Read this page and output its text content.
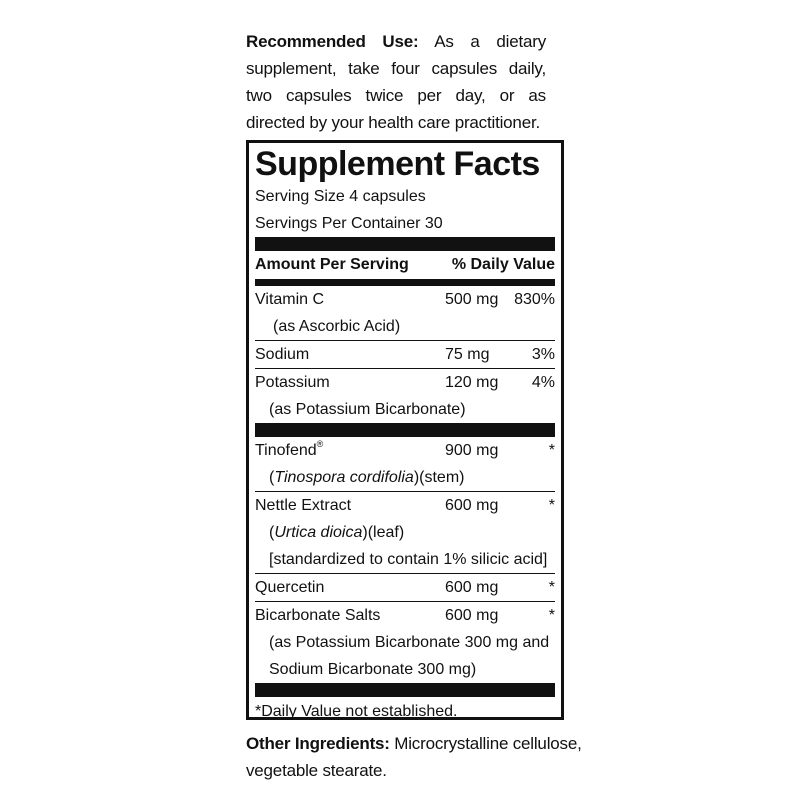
Recommended Use: As a dietary supplement, take four capsules daily, two capsules twice per day, or as directed by your health care practitioner.
Supplement Facts
Serving Size 4 capsules
Servings Per Container 30
Amount Per Serving	% Daily Value
Vitamin C	500 mg 830%
(as Ascorbic Acid)
Sodium	75 mg	3%
Potassium	120 mg 4%
(as Potassium Bicarbonate)
Tinofend®	900 mg	*
(Tinospora cordifolia)(stem)
Nettle Extract	600 mg	*
(Urtica dioica)(leaf)
[standardized to contain 1% silicic acid]
Quercetin	600 mg	*
Bicarbonate Salts	600 mg	*
(as Potassium Bicarbonate 300 mg and
Sodium Bicarbonate 300 mg)
*Daily Value not established.
Other Ingredients: Microcrystalline cellulose, vegetable stearate.
